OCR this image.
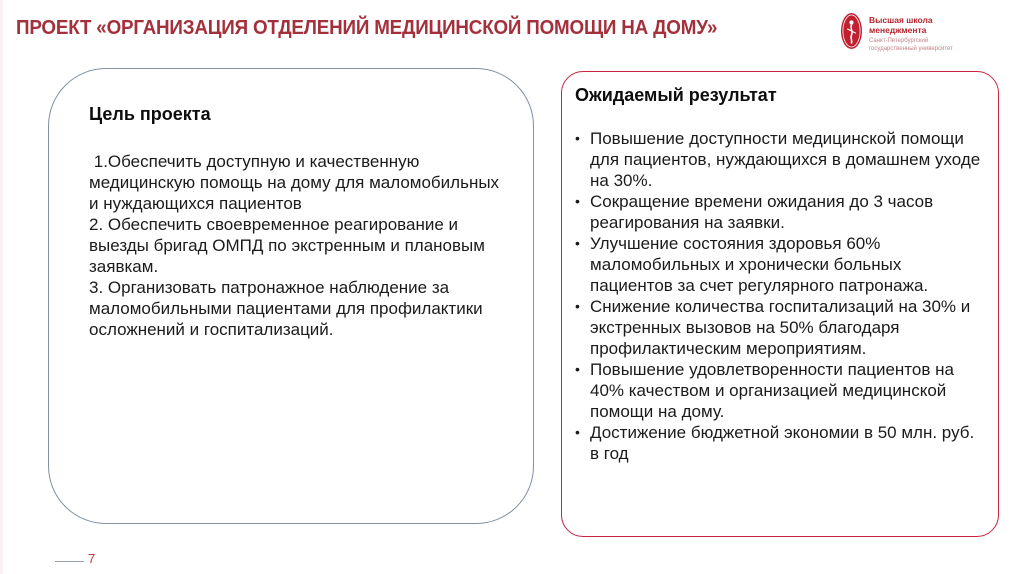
ПРОЕКТ «ОРГАНИЗАЦИЯ ОТДЕЛЕНИЙ МЕДИЦИНСКОЙ ПОМОЩИ НА ДОМУ»	Высшая школа
менеджмента
Санкт-Петербургский
государственный университет
Цель проекта
1.Обеспечить доступную и качественную медицинскую помощь на дому для маломобильных и нуждающихся пациентов
2. Обеспечить своевременное реагирование и выезды бригад ОМПД по экстренным и плановым заявкам.
3. Организовать патронажное наблюдение за маломобильными пациентами для профилактики осложнений и госпитализаций.
Ожидаемый результат
• Повышение доступности медицинской помощи для пациентов, нуждающихся в домашнем уходе на 30%.
• Сокращение времени ожидания до 3 часов реагирования на заявки.
• Улучшение состояния здоровья 60% маломобильных и хронически больных пациентов за счет регулярного патронажа.
• Снижение количества госпитализаций на 30% и экстренных вызовов на 50% благодаря профилактическим мероприятиям.
• Повышение удовлетворенности пациентов на 40% качеством и организацией медицинской помощи на дому.
• Достижение бюджетной экономии в 50 млн. руб. в год
7
